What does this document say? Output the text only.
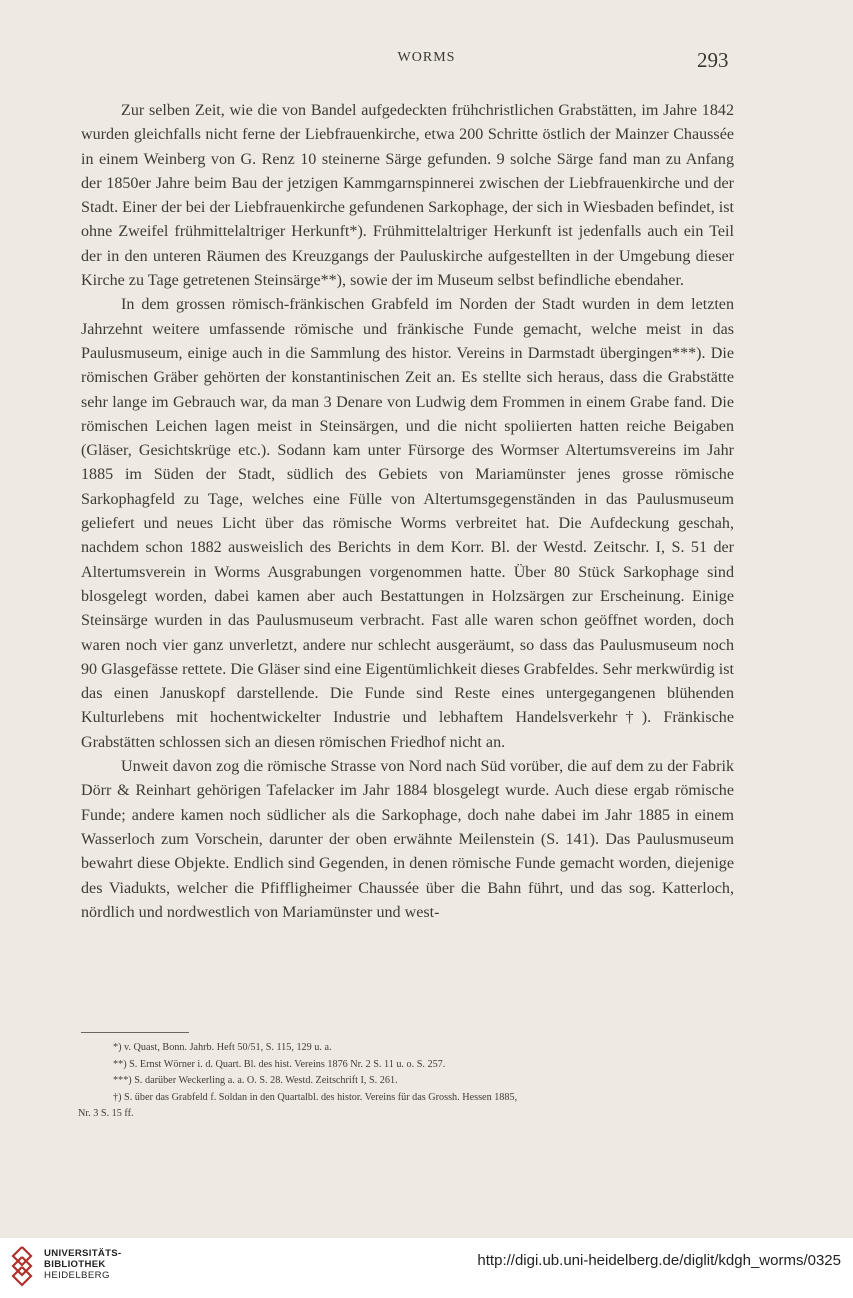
WORMS	293

Zur selben Zeit, wie die von Bandel aufgedeckten frühchristlichen Grabstätten, im Jahre 1842 wurden gleichfalls nicht ferne der Liebfrauenkirche, etwa 200 Schritte östlich der Mainzer Chaussée in einem Weinberg von G. Renz 10 steinerne Särge gefunden. 9 solche Särge fand man zu Anfang der 1850er Jahre beim Bau der jetzigen Kammgarnspinnerei zwischen der Liebfrauenkirche und der Stadt. Einer der bei der Liebfrauenkirche gefundenen Sarkophage, der sich in Wiesbaden befindet, ist ohne Zweifel frühmittelaltriger Herkunft*). Frühmittelaltriger Herkunft ist jedenfalls auch ein Teil der in den unteren Räumen des Kreuzgangs der Pauluskirche aufgestellten in der Umgebung dieser Kirche zu Tage getretenen Steinsärge**), sowie der im Museum selbst befindliche ebendaher.

In dem grossen römisch-fränkischen Grabfeld im Norden der Stadt wurden in dem letzten Jahrzehnt weitere umfassende römische und fränkische Funde gemacht, welche meist in das Paulusmuseum, einige auch in die Sammlung des histor. Vereins in Darmstadt übergingen***). Die römischen Gräber gehörten der konstantinischen Zeit an. Es stellte sich heraus, dass die Grabstätte sehr lange im Gebrauch war, da man 3 Denare von Ludwig dem Frommen in einem Grabe fand. Die römischen Leichen lagen meist in Steinsärgen, und die nicht spoliierten hatten reiche Beigaben (Gläser, Gesichtskrüge etc.). Sodann kam unter Fürsorge des Wormser Altertumsvereins im Jahr 1885 im Süden der Stadt, südlich des Gebiets von Mariamünster jenes grosse römische Sarkophagfeld zu Tage, welches eine Fülle von Altertumsgegenständen in das Paulusmuseum geliefert und neues Licht über das römische Worms verbreitet hat. Die Aufdeckung geschah, nachdem schon 1882 ausweislich des Berichts in dem Korr. Bl. der Westd. Zeitschr. I, S. 51 der Altertumsverein in Worms Ausgrabungen vorgenommen hatte. Über 80 Stück Sarkophage sind blosgelegt worden, dabei kamen aber auch Bestattungen in Holzsärgen zur Erscheinung. Einige Steinsärge wurden in das Paulusmuseum verbracht. Fast alle waren schon geöffnet worden, doch waren noch vier ganz unverletzt, andere nur schlecht ausgeräumt, so dass das Paulusmuseum noch 90 Glasgefässe rettete. Die Gläser sind eine Eigentümlichkeit dieses Grabfeldes. Sehr merkwürdig ist das einen Januskopf darstellende. Die Funde sind Reste eines untergegangenen blühenden Kulturlebens mit hochentwickelter Industrie und lebhaftem Handelsverkehr†). Fränkische Grabstätten schlossen sich an diesen römischen Friedhof nicht an.

Unweit davon zog die römische Strasse von Nord nach Süd vorüber, die auf dem zu der Fabrik Dörr & Reinhart gehörigen Tafelacker im Jahr 1884 blosgelegt wurde. Auch diese ergab römische Funde; andere kamen noch südlicher als die Sarkophage, doch nahe dabei im Jahr 1885 in einem Wasserloch zum Vorschein, darunter der oben erwähnte Meilenstein (S. 141). Das Paulusmuseum bewahrt diese Objekte. Endlich sind Gegenden, in denen römische Funde gemacht worden, diejenige des Viadukts, welcher die Pfiffligheimer Chaussée über die Bahn führt, und das sog. Katterloch, nördlich und nordwestlich von Mariamünster und west-

*) v. Quast, Bonn. Jahrb. Heft 50/51, S. 115, 129 u. a.
**) S. Ernst Wörner i. d. Quart. Bl. des hist. Vereins 1876 Nr. 2 S. 11 u. o. S. 257.
***) S. darüber Weckerling a. a. O. S. 28. Westd. Zeitschrift I, S. 261.
†) S. über das Grabfeld f. Soldan in den Quartalbl. des histor. Vereins für das Grossh. Hessen 1885,
Nr. 3 S. 15 ff.
UNIVERSITÄTS-
BIBLIOTHEK
HEIDELBERG
http://digi.ub.uni-heidelberg.de/diglit/kdgh_worms/0325
